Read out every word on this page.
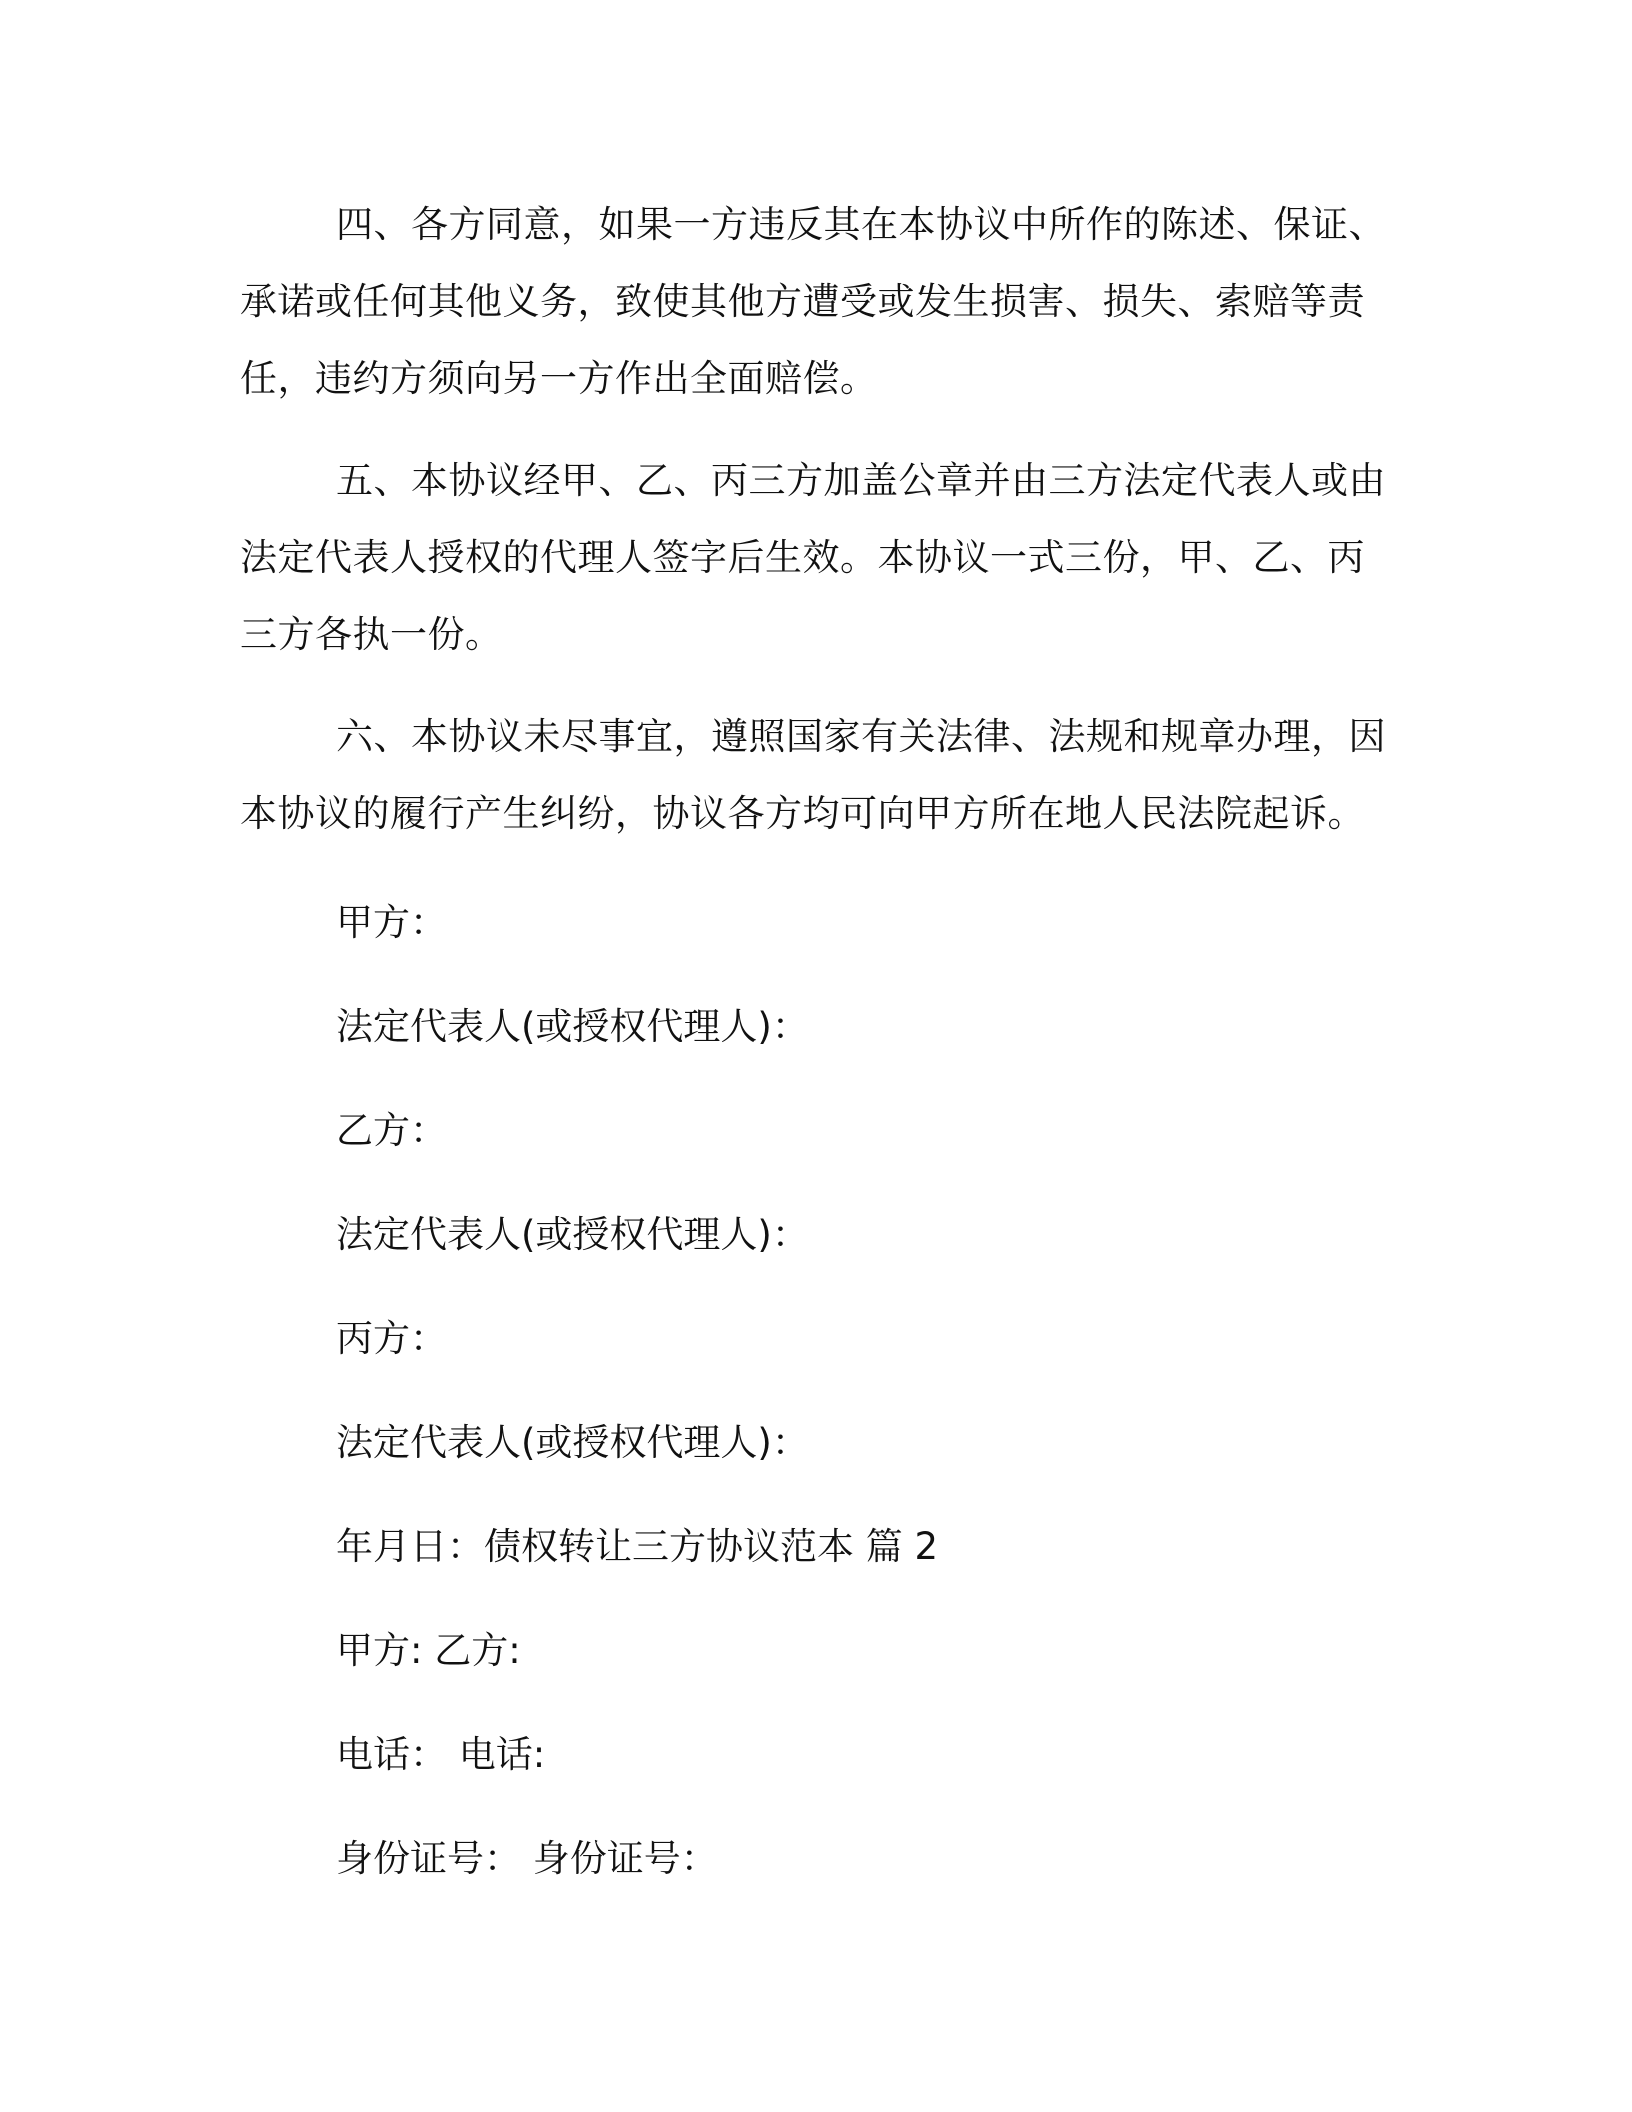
四、各方同意，如果一方违反其在本协议中所作的陈述、保证、承诺或任何其他义务，致使其他方遭受或发生损害、损失、索赔等责任，违约方须向另一方作出全面赔偿。

五、本协议经甲、乙、丙三方加盖公章并由三方法定代表人或由法定代表人授权的代理人签字后生效。本协议一式三份，甲、乙、丙三方各执一份。

六、本协议未尽事宜，遵照国家有关法律、法规和规章办理，因本协议的履行产生纠纷，协议各方均可向甲方所在地人民法院起诉。

甲方：

法定代表人(或授权代理人)：

乙方：

法定代表人(或授权代理人)：

丙方：

法定代表人(或授权代理人)：

年月日：债权转让三方协议范本 篇 2

甲方: 乙方:

电话： 电话:

身份证号： 身份证号：
